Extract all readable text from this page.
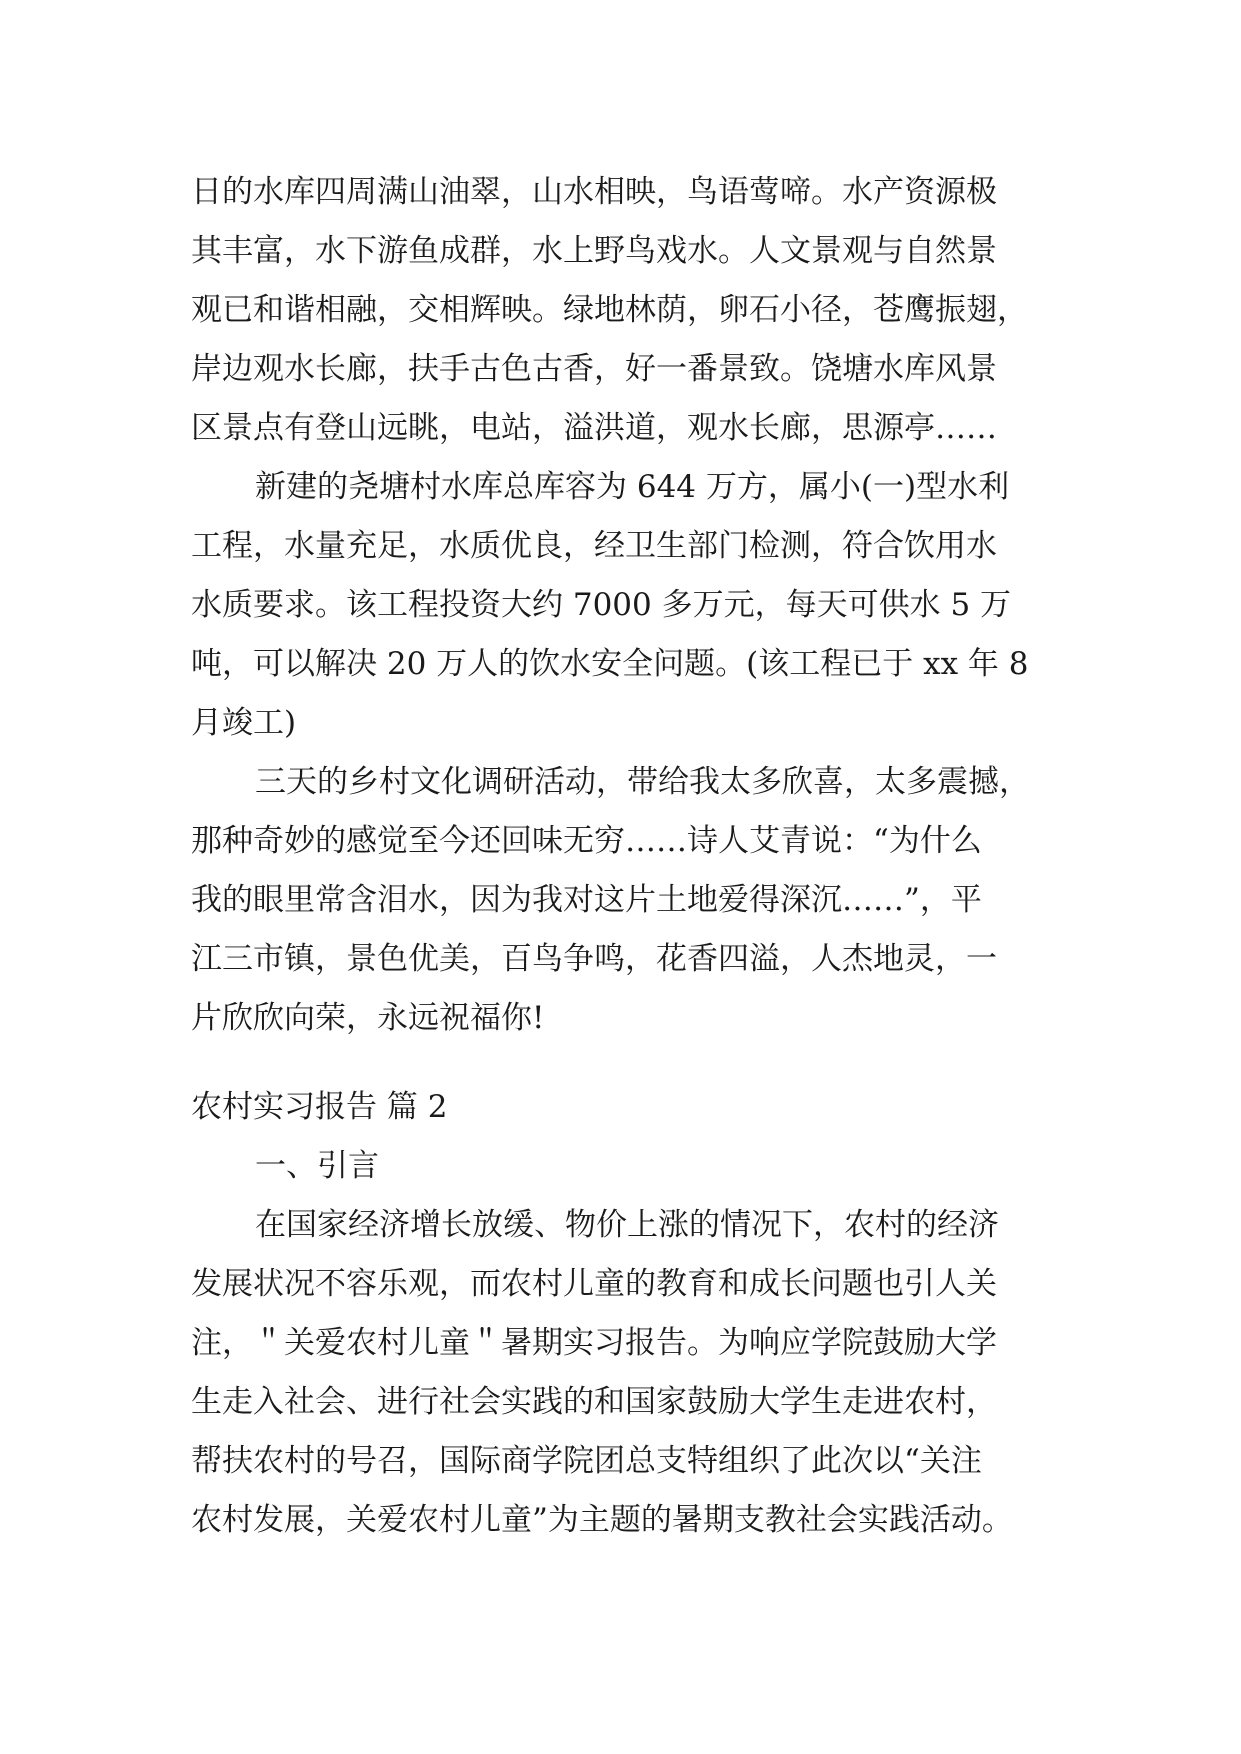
日的水库四周满山油翠，山水相映，鸟语莺啼。水产资源极
其丰富，水下游鱼成群，水上野鸟戏水。人文景观与自然景
观已和谐相融，交相辉映。绿地林荫，卵石小径，苍鹰振翅，
岸边观水长廊，扶手古色古香，好一番景致。饶塘水库风景
区景点有登山远眺，电站，溢洪道，观水长廊，思源亭……
新建的尧塘村水库总库容为 644 万方，属小(一)型水利
工程，水量充足，水质优良，经卫生部门检测，符合饮用水
水质要求。该工程投资大约 7000 多万元，每天可供水 5 万
吨，可以解决 20 万人的饮水安全问题。(该工程已于 xx 年 8
月竣工)
三天的乡村文化调研活动，带给我太多欣喜，太多震撼，
那种奇妙的感觉至今还回味无穷……诗人艾青说：“为什么
我的眼里常含泪水，因为我对这片土地爱得深沉……”，平
江三市镇，景色优美，百鸟争鸣，花香四溢，人杰地灵，一
片欣欣向荣，永远祝福你!
农村实习报告 篇 2
一、引言
在国家经济增长放缓、物价上涨的情况下，农村的经济
发展状况不容乐观，而农村儿童的教育和成长问题也引人关
注，＂关爱农村儿童＂暑期实习报告。为响应学院鼓励大学
生走入社会、进行社会实践的和国家鼓励大学生走进农村，
帮扶农村的号召，国际商学院团总支特组织了此次以“关注
农村发展，关爱农村儿童”为主题的暑期支教社会实践活动。
